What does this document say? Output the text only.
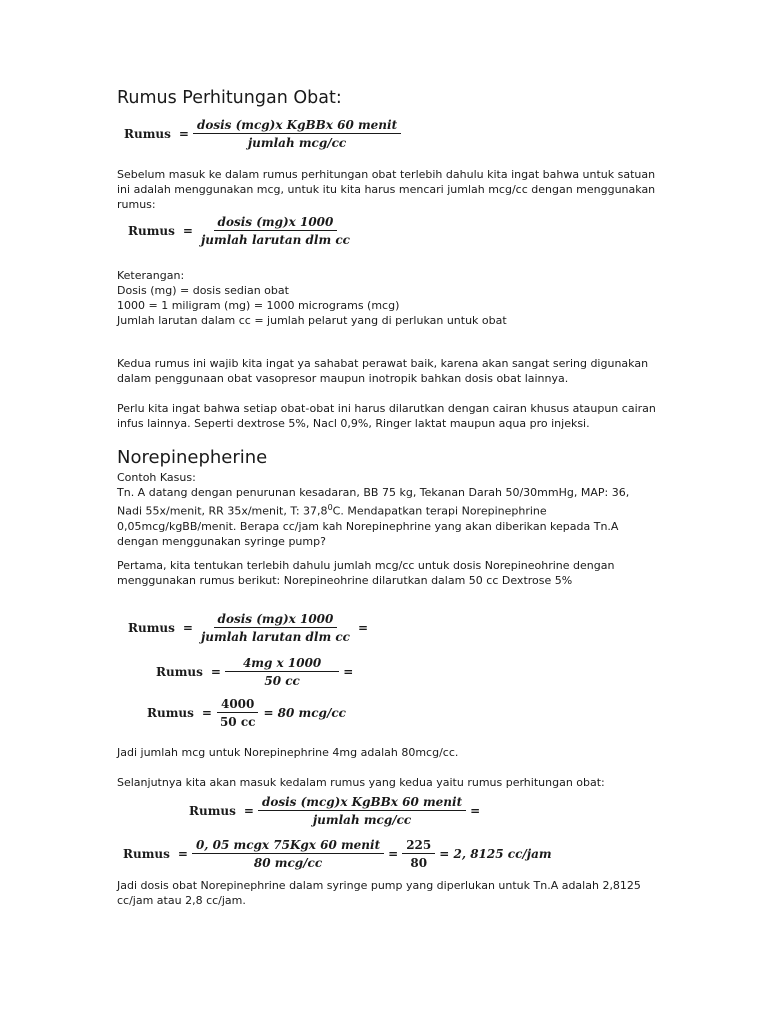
Rumus Perhitungan Obat:
Rumus = $\frac{\text{dosis (mcg)x KgBBx 60 menit}}{\text{jumlah mcg/cc}}$
Sebelum masuk ke dalam rumus perhitungan obat terlebih dahulu kita ingat bahwa untuk satuan ini adalah menggunakan mcg, untuk itu kita harus mencari jumlah mcg/cc dengan menggunakan rumus:
Rumus = $\frac{\text{dosis (mg)x 1000}}{\text{jumlah larutan dlm cc}}$
Keterangan:
Dosis (mg) = dosis sedian obat
1000 = 1 miligram (mg) = 1000 micrograms (mcg)
Jumlah larutan dalam cc = jumlah pelarut yang di perlukan untuk obat
Kedua rumus ini wajib kita ingat ya sahabat perawat baik, karena akan sangat sering digunakan dalam penggunaan obat vasopresor maupun inotropik bahkan dosis obat lainnya.
Perlu kita ingat bahwa setiap obat-obat ini harus dilarutkan dengan cairan khusus ataupun cairan infus lainnya. Seperti dextrose 5%, Nacl 0,9%, Ringer laktat maupun aqua pro injeksi.
Norepinepherine
Contoh Kasus:
Tn. A datang dengan penurunan kesadaran, BB 75 kg, Tekanan Darah 50/30mmHg, MAP: 36, Nadi 55x/menit, RR 35x/menit, T: 37,8$^0$C. Mendapatkan terapi Norepinephrine 0,05mcg/kgBB/menit. Berapa cc/jam kah Norepinephrine yang akan diberikan kepada Tn.A dengan menggunakan syringe pump?
Pertama, kita tentukan terlebih dahulu jumlah mcg/cc untuk dosis Norepineohrine dengan menggunakan rumus berikut: Norepineohrine dilarutkan dalam 50 cc Dextrose 5%
Rumus = $\frac{\text{dosis (mg)x 1000}}{\text{jumlah larutan dlm cc}}$ =
Rumus = $\frac{\text{4mg x 1000}}{50 cc}$ =
Rumus = $\frac{4000}{50 cc} = 80$ mcg/cc
Jadi jumlah mcg untuk Norepinephrine 4mg adalah 80mcg/cc.
Selanjutnya kita akan masuk kedalam rumus yang kedua yaitu rumus perhitungan obat:
Rumus = $\frac{\text{dosis (mcg)x KgBBx 60 menit}}{\text{jumlah mcg/cc}}$ =
Rumus = $\frac{\text{0, 05 mcgx 75Kgx 60 menit}}{\text{80 mcg/cc}} = \frac{225}{80} = 2$, 8125 cc/jam
Jadi dosis obat Norepinephrine dalam syringe pump yang diperlukan untuk Tn.A adalah 2,8125 cc/jam atau 2,8 cc/jam.
